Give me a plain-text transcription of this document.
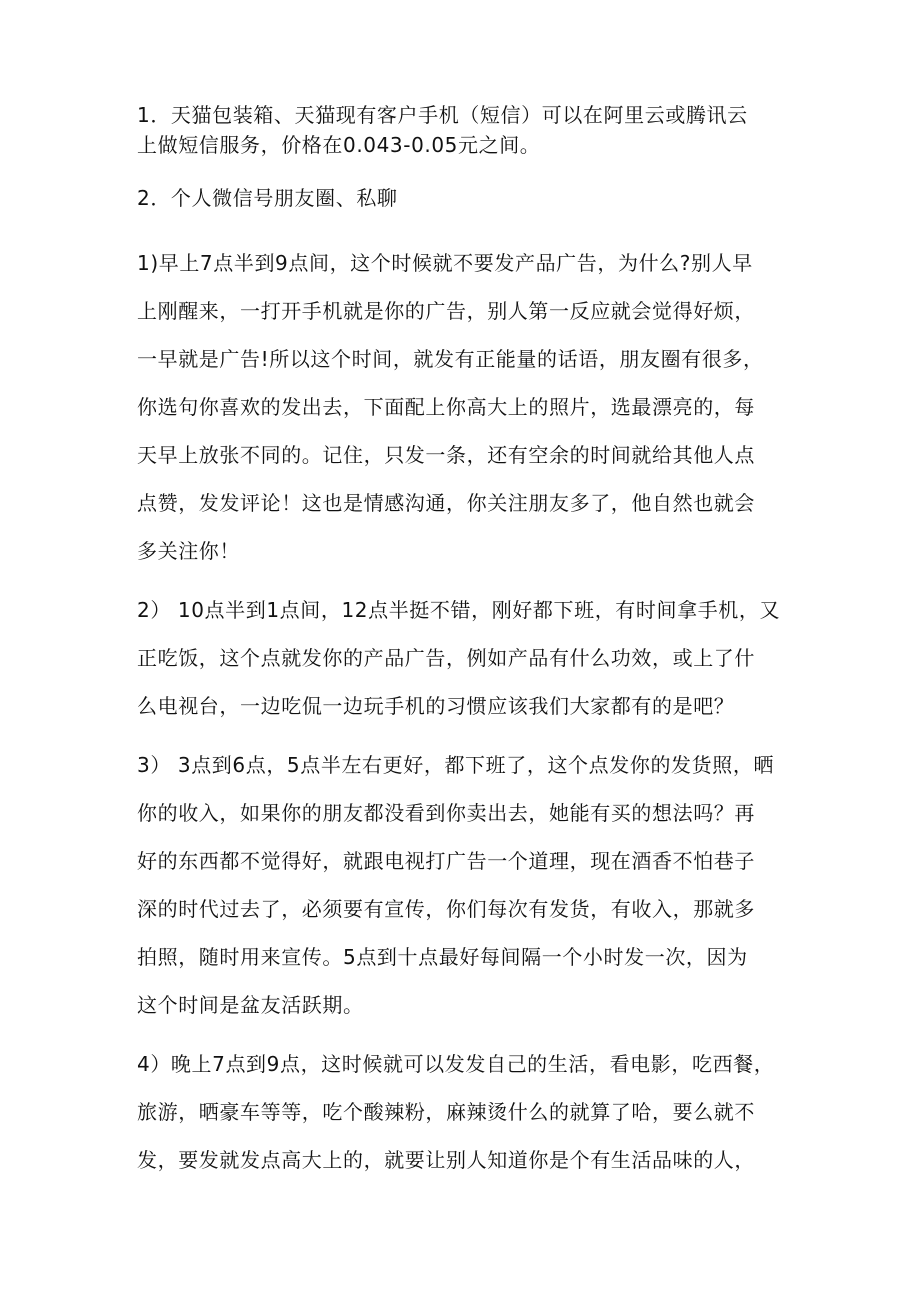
1．天猫包装箱、天猫现有客户手机（短信）可以在阿里云或腾讯云
上做短信服务，价格在0.043-0.05元之间。

2．个人微信号朋友圈、私聊

1)早上7点半到9点间，这个时候就不要发产品广告，为什么?别人早
上刚醒来，一打开手机就是你的广告，别人第一反应就会觉得好烦，
一早就是广告!所以这个时间，就发有正能量的话语，朋友圈有很多，
你选句你喜欢的发出去，下面配上你高大上的照片，选最漂亮的，每
天早上放张不同的。记住，只发一条，还有空余的时间就给其他人点
点赞，发发评论！这也是情感沟通，你关注朋友多了，他自然也就会
多关注你！

2） 10点半到1点间，12点半挺不错，刚好都下班，有时间拿手机，又
正吃饭，这个点就发你的产品广告，例如产品有什么功效，或上了什
么电视台，一边吃侃一边玩手机的习惯应该我们大家都有的是吧？

3） 3点到6点，5点半左右更好，都下班了，这个点发你的发货照，晒
你的收入，如果你的朋友都没看到你卖出去，她能有买的想法吗？再
好的东西都不觉得好，就跟电视打广告一个道理，现在酒香不怕巷子
深的时代过去了，必须要有宣传，你们每次有发货，有收入，那就多
拍照，随时用来宣传。5点到十点最好每间隔一个小时发一次，因为
这个时间是盆友活跃期。

4）晚上7点到9点，这时候就可以发发自己的生活，看电影，吃西餐，
旅游，晒豪车等等，吃个酸辣粉，麻辣烫什么的就算了哈，要么就不
发，要发就发点高大上的，就要让别人知道你是个有生活品味的人，
